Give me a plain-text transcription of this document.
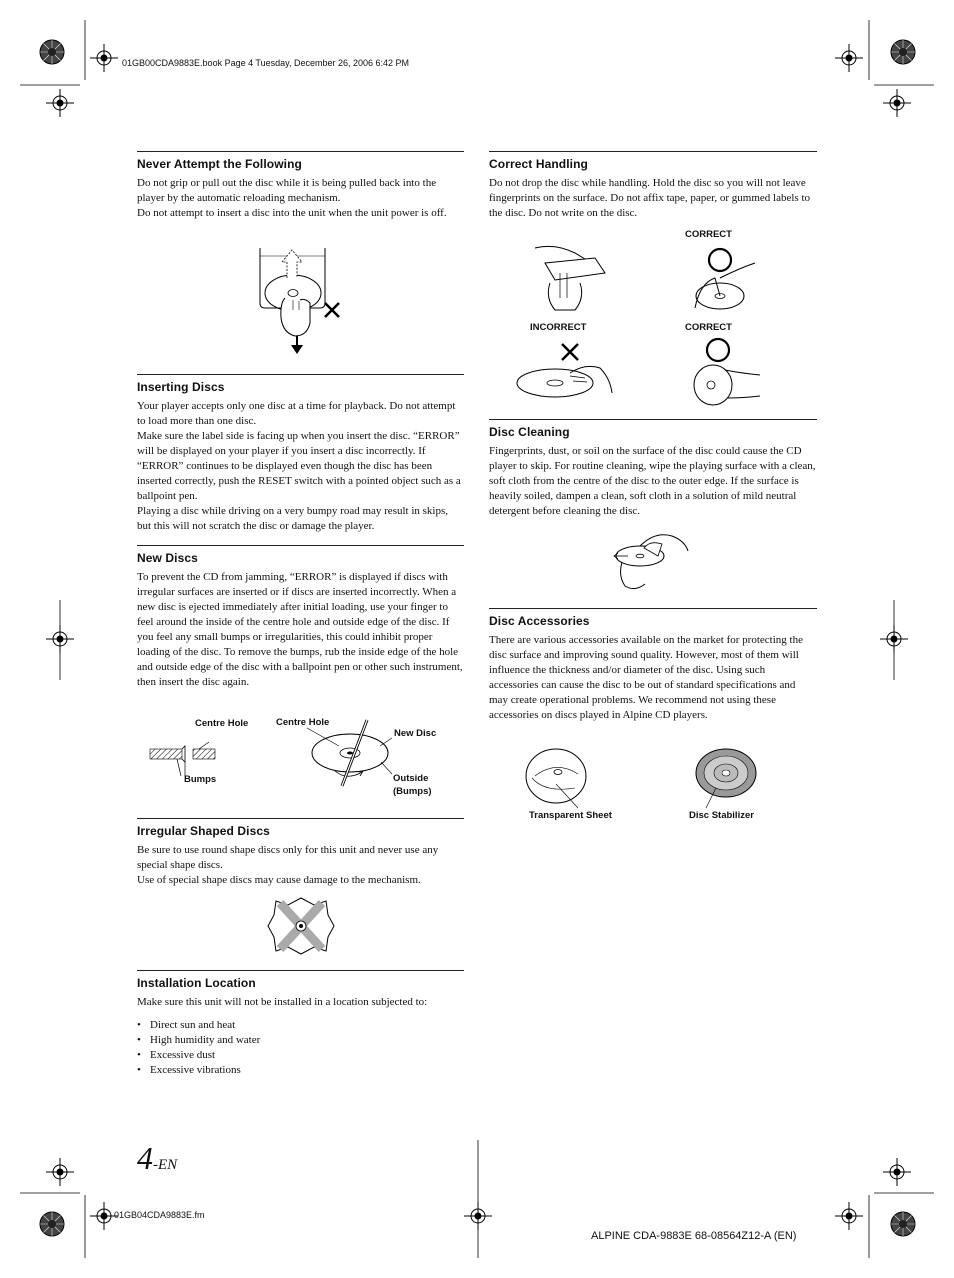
01GB00CDA9883E.book Page 4 Tuesday, December 26, 2006 6:42 PM
Never Attempt the Following

Do not grip or pull out the disc while it is being pulled back into the player by the automatic reloading mechanism.

Do not attempt to insert a disc into the unit when the unit power is off.

Inserting Discs

Your player accepts only one disc at a time for playback. Do not attempt to load more than one disc.

Make sure the label side is facing up when you insert the disc. “ERROR” will be displayed on your player if you insert a disc incorrectly. If “ERROR” continues to be displayed even though the disc has been inserted correctly, push the RESET switch with a pointed object such as a ballpoint pen.

Playing a disc while driving on a very bumpy road may result in skips, but this will not scratch the disc or damage the player.

New Discs

To prevent the CD from jamming, “ERROR” is displayed if discs with irregular surfaces are inserted or if discs are inserted incorrectly. When a new disc is ejected immediately after initial loading, use your finger to feel around the inside of the centre hole and outside edge of the disc. If you feel any small bumps or irregularities, this could inhibit proper loading of the disc. To remove the bumps, rub the inside edge of the hole and outside edge of the disc with a ballpoint pen or other such instrument, then insert the disc again.

Centre Hole	Centre Hole
Bumps
New Disc
Outside
(Bumps)
Irregular Shaped Discs

Be sure to use round shape discs only for this unit and never use any special shape discs.

Use of special shape discs may cause damage to the mechanism.

Installation Location

Make sure this unit will not be installed in a location subjected to:

• Direct sun and heat
• High humidity and water
• Excessive dust
• Excessive vibrations
Correct Handling

Do not drop the disc while handling. Hold the disc so you will not leave fingerprints on the surface. Do not affix tape, paper, or gummed labels to the disc. Do not write on the disc.

CORRECT
INCORRECT	CORRECT
Disc Cleaning

Fingerprints, dust, or soil on the surface of the disc could cause the CD player to skip. For routine cleaning, wipe the playing surface with a clean, soft cloth from the centre of the disc to the outer edge. If the surface is heavily soiled, dampen a clean, soft cloth in a solution of mild neutral detergent before cleaning the disc.

Disc Accessories

There are various accessories available on the market for protecting the disc surface and improving sound quality. However, most of them will influence the thickness and/or diameter of the disc. Using such accessories can cause the disc to be out of standard specifications and may create operational problems. We recommend not using these accessories on discs played in Alpine CD players.

Transparent Sheet	Disc Stabilizer
4-EN
01GB04CDA9883E.fm
ALPINE CDA-9883E 68-08564Z12-A (EN)
